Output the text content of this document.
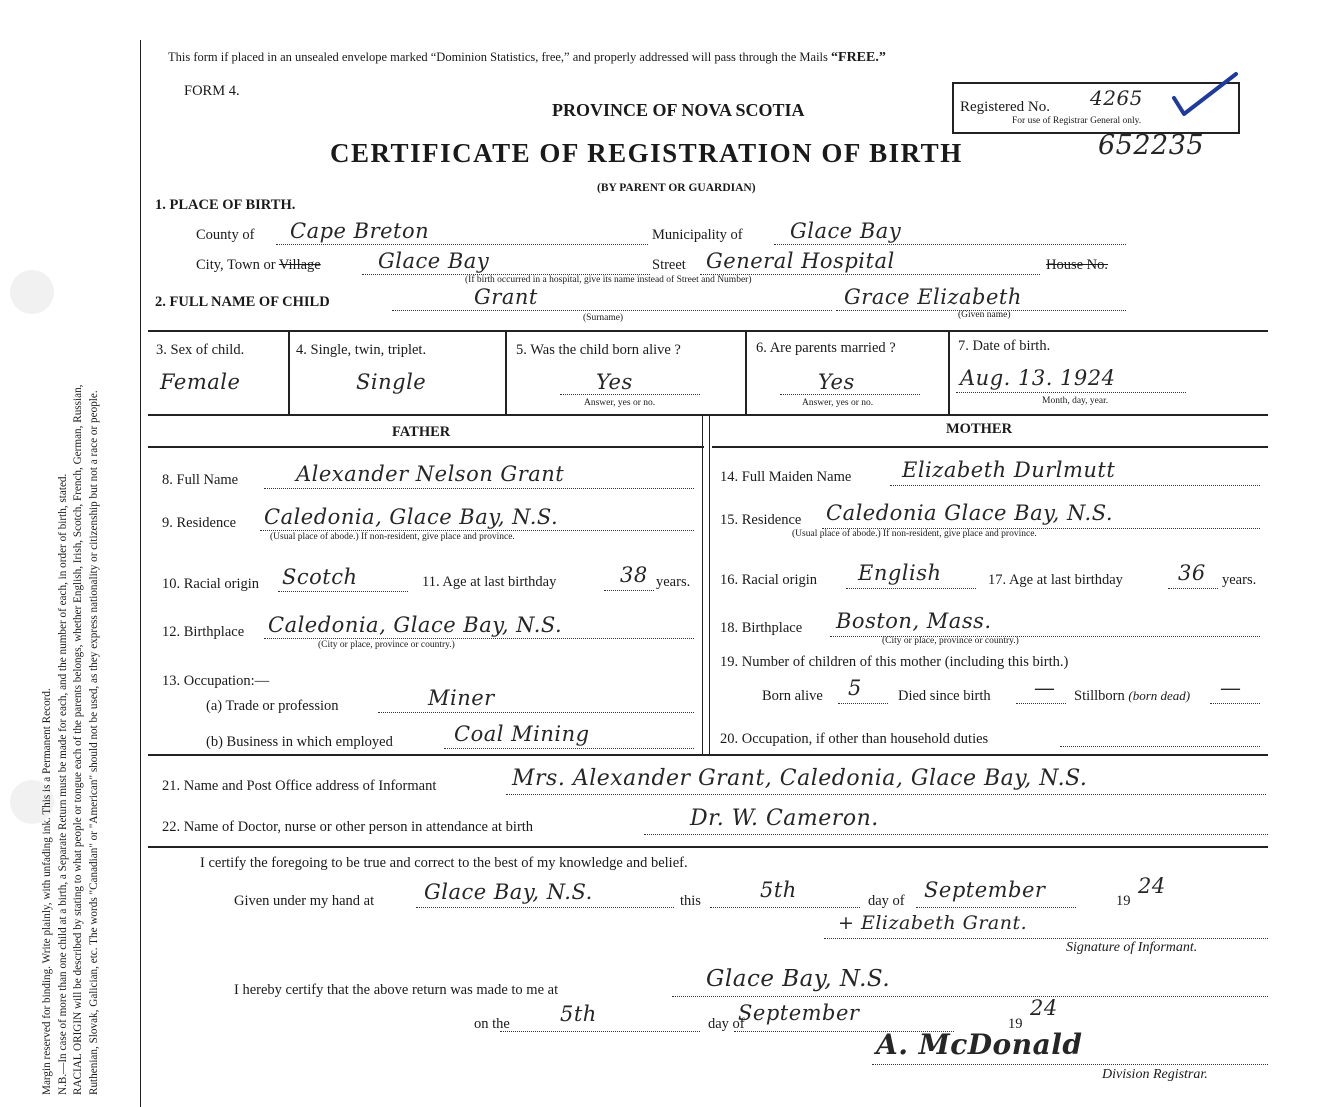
Margin reserved for binding. Write plainly, with unfading ink. This is a Permanent Record. N.B.—In case of more than one child at a birth, a Separate Return must be made for each, and the number of each, in order of birth, stated. RACIAL ORIGIN will be described by stating to what people or tongue each of the parents belongs, whether English, Irish, Scotch, French, German, Russian, Ruthenian, Slovak, Galician, etc. The words "Canadian" or "American" should not be used, as they express nationality or citizenship but not a race or people.
This form if placed in an unsealed envelope marked “Dominion Statistics, free,” and properly addressed will pass through the Mails “FREE.”
FORM 4.
PROVINCE OF NOVA SCOTIA	Registered No. 4265
For use of Registrar General only.
CERTIFICATE OF REGISTRATION OF BIRTH	652235
(BY PARENT OR GUARDIAN)
1. PLACE OF BIRTH.
County of Cape Breton	Municipality of Glace Bay
City, Town or Village	Glace Bay	Street General Hospital	House No.
(If birth occurred in a hospital, give its name instead of Street and Number)
2. FULL NAME OF CHILD	Grant
(Surname)
Grace Elizabeth
(Given name)
3. Sex of child.
Female
4. Single, twin, triplet.
Single
5. Was the child born alive ?
Yes
Answer, yes or no.
6. Are parents married ?
Yes
Answer, yes or no.
7. Date of birth.
Aug. 13. 1924
Month, day, year.
FATHER	MOTHER
8. Full Name	Alexander Nelson Grant
9. Residence Caledonia, Glace Bay, N.S.
(Usual place of abode.) If non-resident, give place and province.
10. Racial origin Scotch	11. Age at last birthday	38 years.
12. Birthplace Caledonia, Glace Bay, N.S.
(City or place, province or country.)
13. Occupation:—
(a) Trade or profession	Miner
(b) Business in which employed	Coal Mining
14. Full Maiden Name Elizabeth Durlmutt
15. Residence Caledonia Glace Bay, N.S.
(Usual place of abode.) If non-resident, give place and province.
16. Racial origin English	17. Age at last birthday	36 years.
18. Birthplace Boston, Mass.
(City or place, province or country.)
19. Number of children of this mother (including this birth.)
Born alive 5 Died since birth — Stillborn (born dead) —
20. Occupation, if other than household duties
21. Name and Post Office address of Informant	Mrs. Alexander Grant, Caledonia, Glace Bay, N.S.
22. Name of Doctor, nurse or other person in attendance at birth	Dr. W. Cameron.
I certify the foregoing to be true and correct to the best of my knowledge and belief.
Given under my hand at Glace Bay, N.S.	this	5th	day of September	19
24
+ Elizabeth Grant.
Signature of Informant.
I hereby certify that the above return was made to me at	Glace Bay, N.S.
on the 5th	day of
September	19
24
A. McDonald
Division Registrar.
